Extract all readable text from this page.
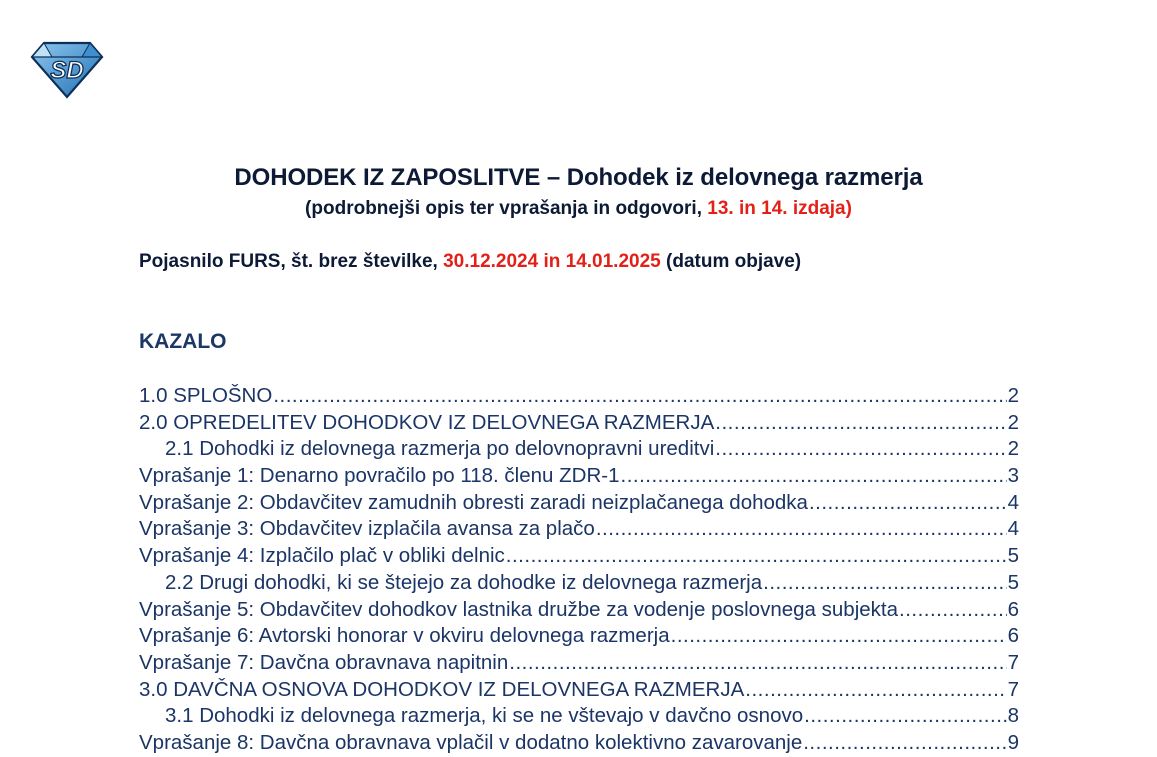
SD
DOHODEK IZ ZAPOSLITVE – Dohodek iz delovnega razmerja
(podrobnejši opis ter vprašanja in odgovori, 13. in 14. izdaja)
Pojasnilo FURS, št. brez številke, 30.12.2024 in 14.01.2025 (datum objave)
KAZALO
1.0 SPLOŠNO .....	2
2.0 OPREDELITEV DOHODKOV IZ DELOVNEGA RAZMERJA .....	2
2.1 Dohodki iz delovnega razmerja po delovnopravni ureditvi .....	2
Vprašanje 1: Denarno povračilo po 118. členu ZDR-1 .....	3
Vprašanje 2: Obdavčitev zamudnih obresti zaradi neizplačanega dohodka .....	4
Vprašanje 3: Obdavčitev izplačila avansa za plačo .....	4
Vprašanje 4: Izplačilo plač v obliki delnic .....	5
2.2 Drugi dohodki, ki se štejejo za dohodke iz delovnega razmerja .....	5
Vprašanje 5: Obdavčitev dohodkov lastnika družbe za vodenje poslovnega subjekta .....	6
Vprašanje 6: Avtorski honorar v okviru delovnega razmerja .....	6
Vprašanje 7: Davčna obravnava napitnin .....	7
3.0 DAVČNA OSNOVA DOHODKOV IZ DELOVNEGA RAZMERJA .....	7
3.1 Dohodki iz delovnega razmerja, ki se ne vštevajo v davčno osnovo .....	8
Vprašanje 8: Davčna obravnava vplačil v dodatno kolektivno zavarovanje .....	9
